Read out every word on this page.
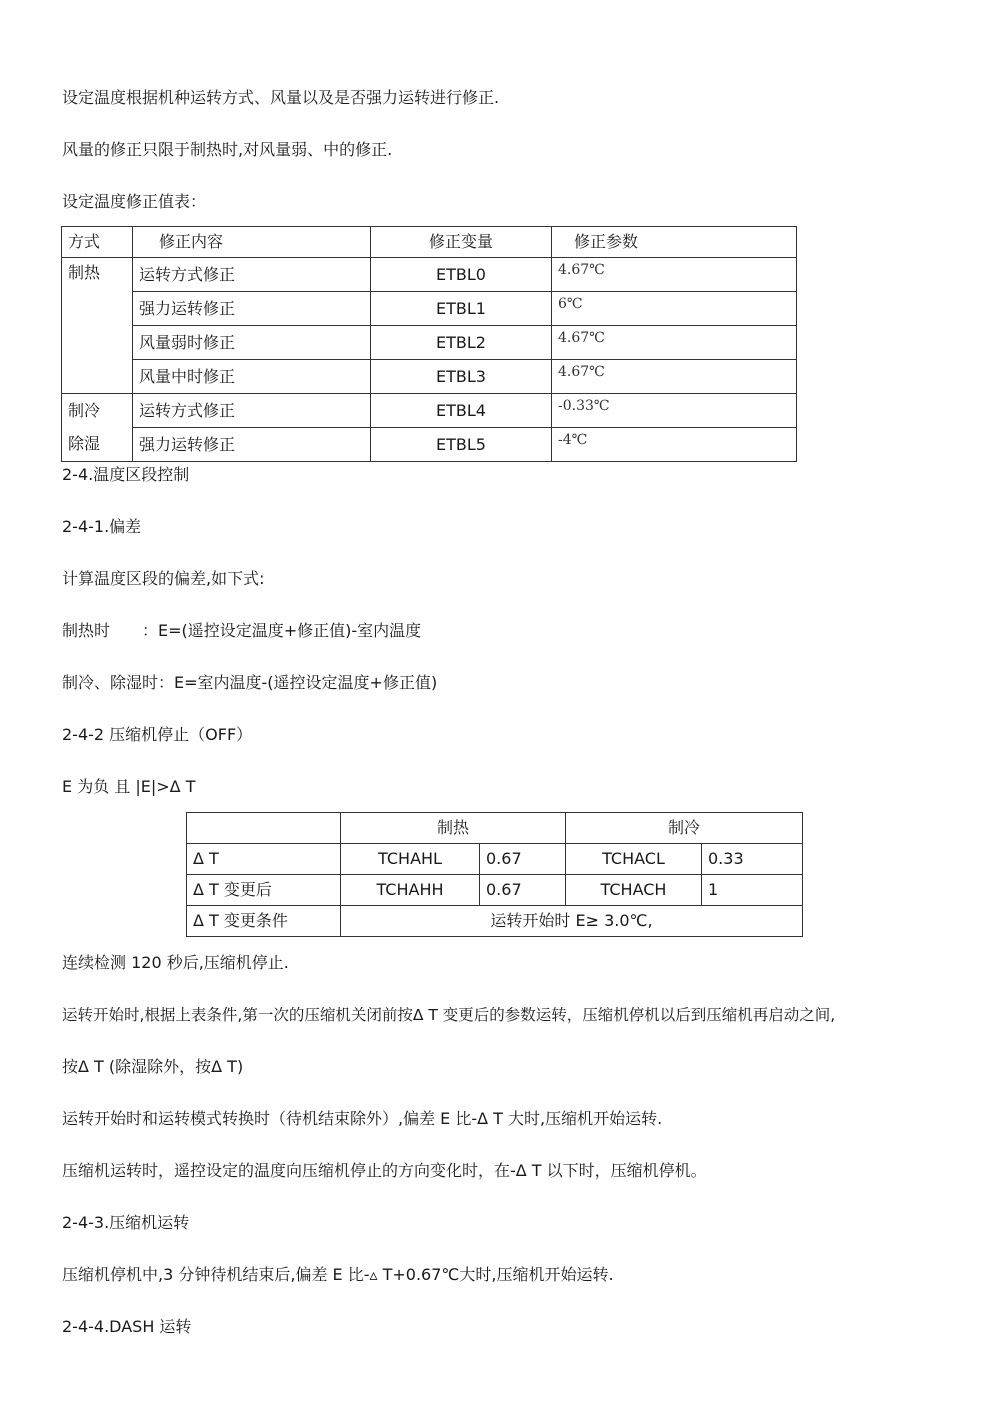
设定温度根据机种运转方式、风量以及是否强力运转进行修正.
风量的修正只限于制热时,对风量弱、中的修正.
设定温度修正值表：
方式	修正内容	修正变量	修正参数
制热	运转方式修正	ETBL0	4.67℃
	强力运转修正	ETBL1	6℃
	风量弱时修正	ETBL2	4.67℃
	风量中时修正	ETBL3	4.67℃
制冷	运转方式修正	ETBL4	-0.33℃
除湿	强力运转修正	ETBL5	-4℃
2-4.温度区段控制
2-4-1.偏差
计算温度区段的偏差,如下式:
制热时　　：E=(遥控设定温度+修正值)-室内温度
制冷、除湿时：E=室内温度-(遥控设定温度+修正值)
2-4-2 压缩机停止（OFF）
E 为负 且 |E|>Δ T
	制热		制冷	
Δ T	TCHAHL	0.67	TCHACL	0.33
Δ T 变更后	TCHAHH	0.67	TCHACH	1
Δ T 变更条件	运转开始时 E≥ 3.0℃,			
连续检测 120 秒后,压缩机停止.
运转开始时,根据上表条件,第一次的压缩机关闭前按Δ T 变更后的参数运转，压缩机停机以后到压缩机再启动之间,
按Δ T (除湿除外，按Δ T)
运转开始时和运转模式转换时（待机结束除外）,偏差 E 比-Δ T 大时,压缩机开始运转.
压缩机运转时，遥控设定的温度向压缩机停止的方向变化时，在-Δ T 以下时，压缩机停机。
2-4-3.压缩机运转
压缩机停机中,3 分钟待机结束后,偏差 E 比-▵ T+0.67℃大时,压缩机开始运转.
2-4-4.DASH 运转
